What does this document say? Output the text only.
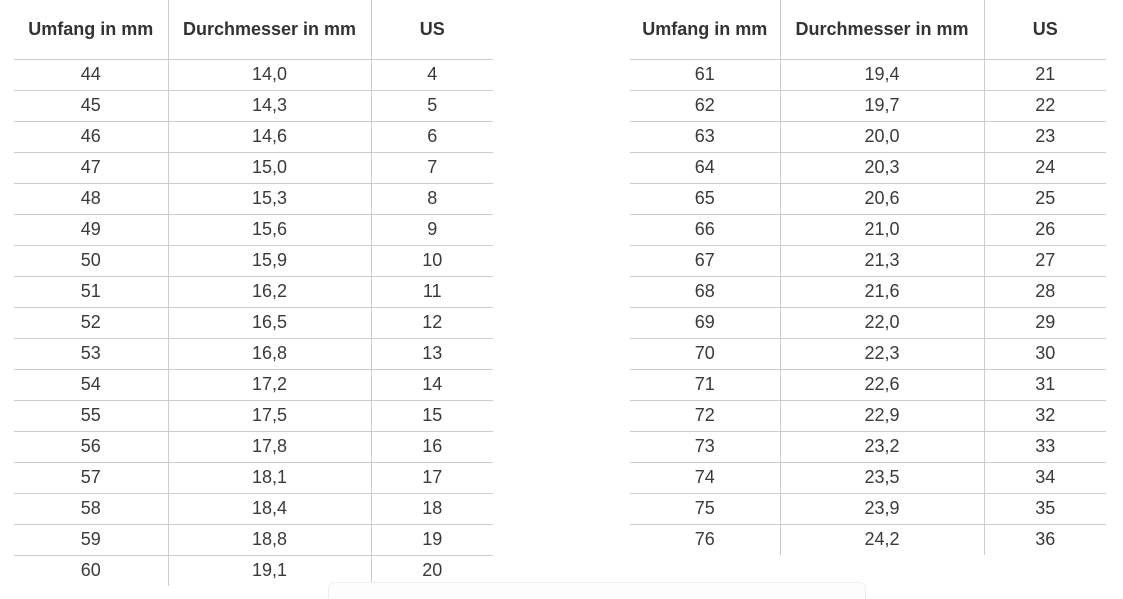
Umfang in mm	Durchmesser in mm	US
44	14,0	4
45	14,3	5
46	14,6	6
47	15,0	7
48	15,3	8
49	15,6	9
50	15,9	10
51	16,2	11
52	16,5	12
53	16,8	13
54	17,2	14
55	17,5	15
56	17,8	16
57	18,1	17
58	18,4	18
59	18,8	19
60	19,1	20
Umfang in mm	Durchmesser in mm	US
61	19,4	21
62	19,7	22
63	20,0	23
64	20,3	24
65	20,6	25
66	21,0	26
67	21,3	27
68	21,6	28
69	22,0	29
70	22,3	30
71	22,6	31
72	22,9	32
73	23,2	33
74	23,5	34
75	23,9	35
76	24,2	36
